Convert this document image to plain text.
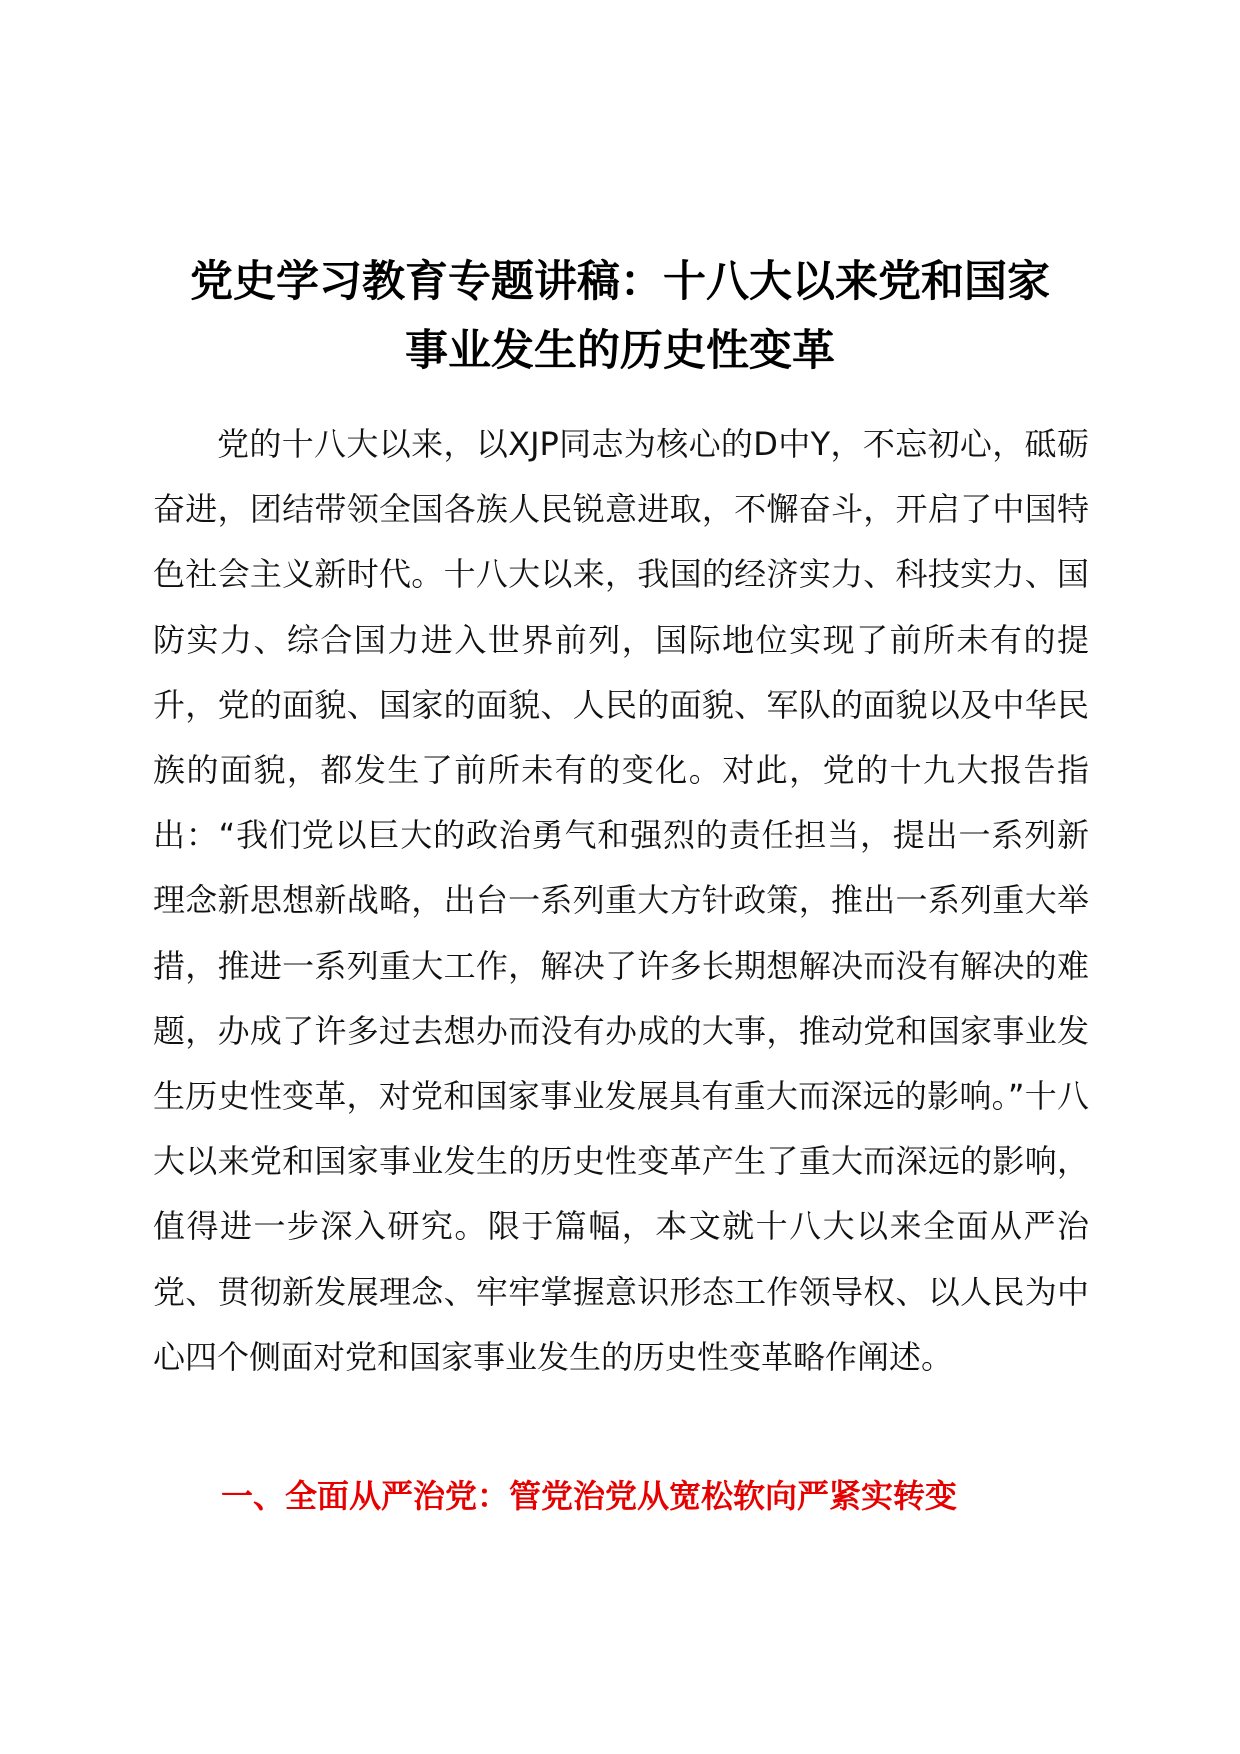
党史学习教育专题讲稿：十八大以来党和国家
事业发生的历史性变革

党的十八大以来，以XJP同志为核心的D中Y，不忘初心，砥砺奋进，团结带领全国各族人民锐意进取，不懈奋斗，开启了中国特色社会主义新时代。十八大以来，我国的经济实力、科技实力、国防实力、综合国力进入世界前列，国际地位实现了前所未有的提升，党的面貌、国家的面貌、人民的面貌、军队的面貌以及中华民族的面貌，都发生了前所未有的变化。对此，党的十九大报告指出：“我们党以巨大的政治勇气和强烈的责任担当，提出一系列新理念新思想新战略，出台一系列重大方针政策，推出一系列重大举措，推进一系列重大工作，解决了许多长期想解决而没有解决的难题，办成了许多过去想办而没有办成的大事，推动党和国家事业发生历史性变革，对党和国家事业发展具有重大而深远的影响。”十八大以来党和国家事业发生的历史性变革产生了重大而深远的影响，值得进一步深入研究。限于篇幅，本文就十八大以来全面从严治党、贯彻新发展理念、牢牢掌握意识形态工作领导权、以人民为中心四个侧面对党和国家事业发生的历史性变革略作阐述。

一、全面从严治党：管党治党从宽松软向严紧实转变
